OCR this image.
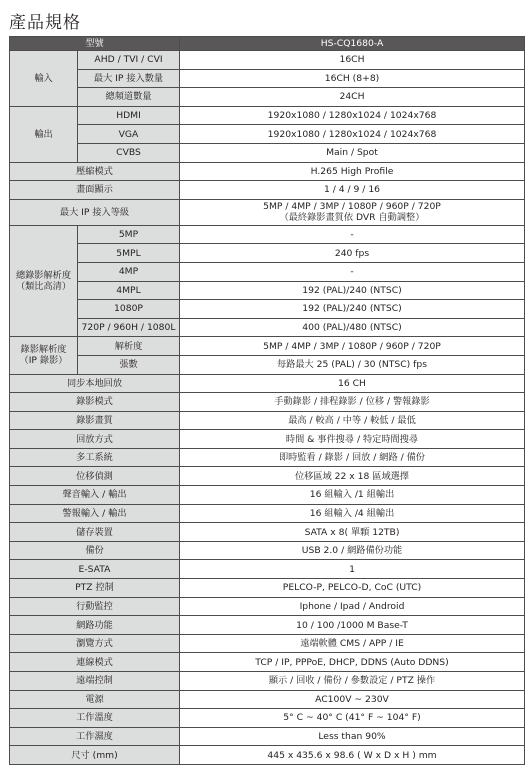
產品規格
型號		HS-CQ1680-A
輸入	AHD / TVI / CVI	16CH
	最大 IP 接入數量	16CH (8+8)
	總頻道數量	24CH
輸出	HDMI	1920x1080 / 1280x1024 / 1024x768
	VGA	1920x1080 / 1280x1024 / 1024x768
	CVBS	Main / Spot
壓縮模式		H.265 High Profile
畫面顯示		1 / 4 / 9 / 16
最大 IP 接入等級		5MP / 4MP / 3MP / 1080P / 960P / 720P
（最終錄影畫質依 DVR 自動調整）

總錄影解析度
（類比高清）	5MP	-
	5MPL	240 fps
	4MP	-
	4MPL	192 (PAL)/240 (NTSC)
	1080P	192 (PAL)/240 (NTSC)
	720P / 960H / 1080L	400 (PAL)/480 (NTSC)

錄影解析度
（IP 錄影）	解析度	5MP / 4MP / 3MP / 1080P / 960P / 720P
	張數	每路最大 25 (PAL) / 30 (NTSC) fps
同步本地回放		16 CH
錄影模式		手動錄影 / 排程錄影 / 位移 / 警報錄影
錄影畫質		最高 / 較高 / 中等 / 較低 / 最低
回放方式		時間 & 事件搜尋 / 特定時間搜尋
多工系統		即時監看 / 錄影 / 回放 / 網路 / 備份
位移偵測		位移區域 22 x 18 區域選擇
聲音輸入 / 輸出		16 組輸入 /1 組輸出
警報輸入 / 輸出		16 組輸入 /4 組輸出
儲存裝置		SATA x 8( 單顆 12TB)
備份		USB 2.0 / 網路備份功能
E-SATA		1
PTZ 控制		PELCO-P, PELCO-D, CoC (UTC)
行動監控		Iphone / Ipad / Android
網路功能		10 / 100 /1000 M Base-T
瀏覽方式		遠端軟體 CMS / APP / IE
連線模式		TCP / IP, PPPoE, DHCP, DDNS (Auto DDNS)
遠端控制		顯示 / 回收 / 備份 / 參數設定 / PTZ 操作
電源		AC100V ~ 230V
工作溫度		5° C ~ 40° C (41° F ~ 104° F)
工作濕度		Less than 90%
尺寸 (mm)		445 x 435.6 x 98.6 ( W x D x H ) mm
